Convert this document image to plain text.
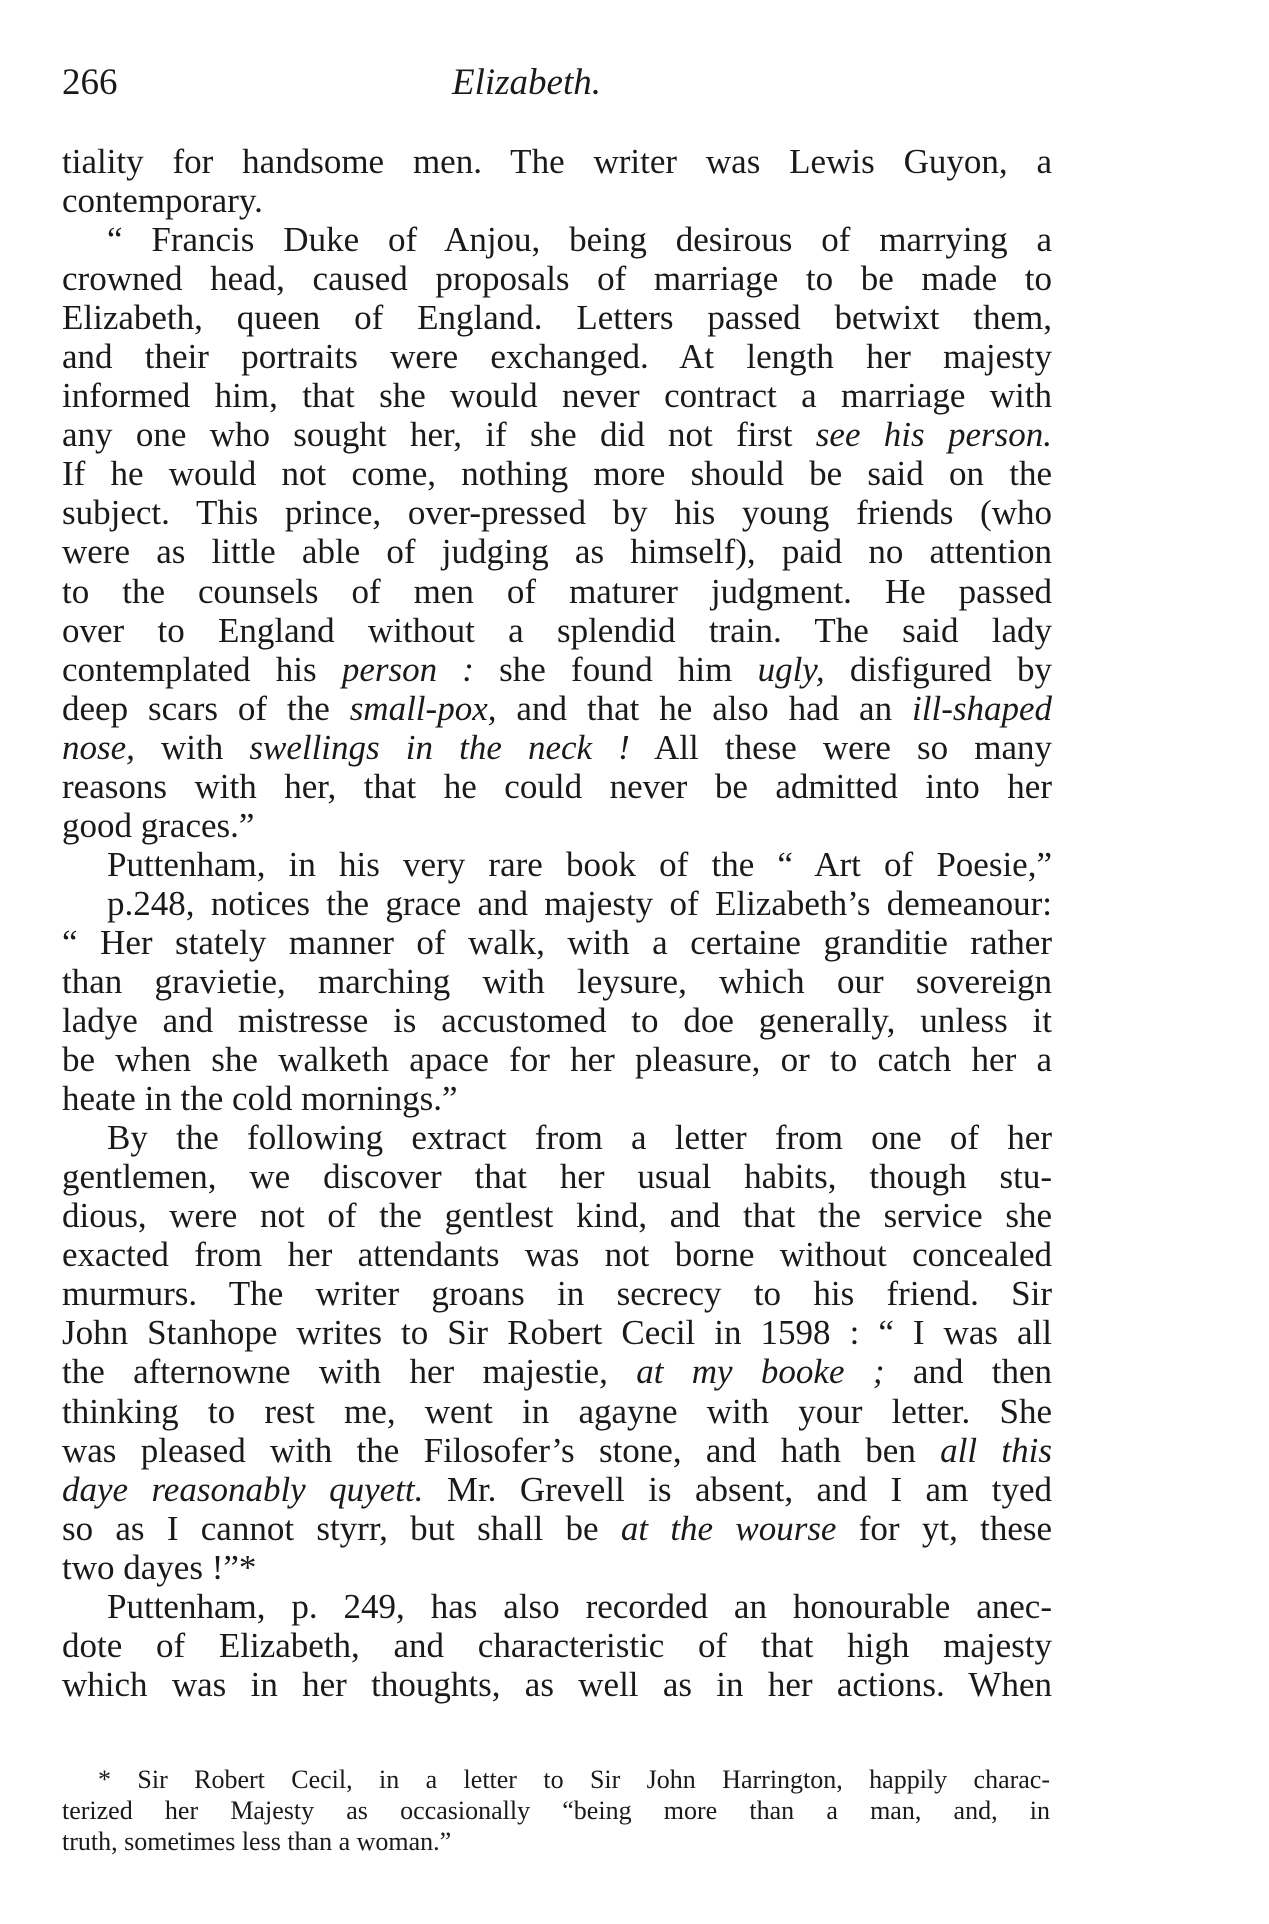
266	Elizabeth.
tiality for handsome men. The writer was Lewis Guyon, a
contemporary.
“ Francis Duke of Anjou, being desirous of marrying a
crowned head, caused proposals of marriage to be made to
Elizabeth, queen of England. Letters passed betwixt them,
and their portraits were exchanged. At length her majesty
informed him, that she would never contract a marriage with
any one who sought her, if she did not first see his person.
If he would not come, nothing more should be said on the
subject. This prince, over-pressed by his young friends (who
were as little able of judging as himself), paid no attention
to the counsels of men of maturer judgment. He passed
over to England without a splendid train. The said lady
contemplated his person : she found him ugly, disfigured by
deep scars of the small-pox, and that he also had an ill-shaped
nose, with swellings in the neck ! All these were so many
reasons with her, that he could never be admitted into her
good graces.”
Puttenham, in his very rare book of the “ Art of Poesie,”
p.248, notices the grace and majesty of Elizabeth’s demeanour:
“ Her stately manner of walk, with a certaine granditie rather
than gravietie, marching with leysure, which our sovereign
ladye and mistresse is accustomed to doe generally, unless it
be when she walketh apace for her pleasure, or to catch her a
heate in the cold mornings.”
By the following extract from a letter from one of her
gentlemen, we discover that her usual habits, though stu-
dious, were not of the gentlest kind, and that the service she
exacted from her attendants was not borne without concealed
murmurs. The writer groans in secrecy to his friend. Sir
John Stanhope writes to Sir Robert Cecil in 1598 : “ I was all
the afternowne with her majestie, at my booke ; and then
thinking to rest me, went in agayne with your letter. She
was pleased with the Filosofer’s stone, and hath ben all this
daye reasonably quyett. Mr. Grevell is absent, and I am tyed
so as I cannot styrr, but shall be at the wourse for yt, these
two dayes !”*
Puttenham, p. 249, has also recorded an honourable anec-
dote of Elizabeth, and characteristic of that high majesty
which was in her thoughts, as well as in her actions. When
* Sir Robert Cecil, in a letter to Sir John Harrington, happily charac-
terized her Majesty as occasionally “being more than a man, and, in
truth, sometimes less than a woman.”
